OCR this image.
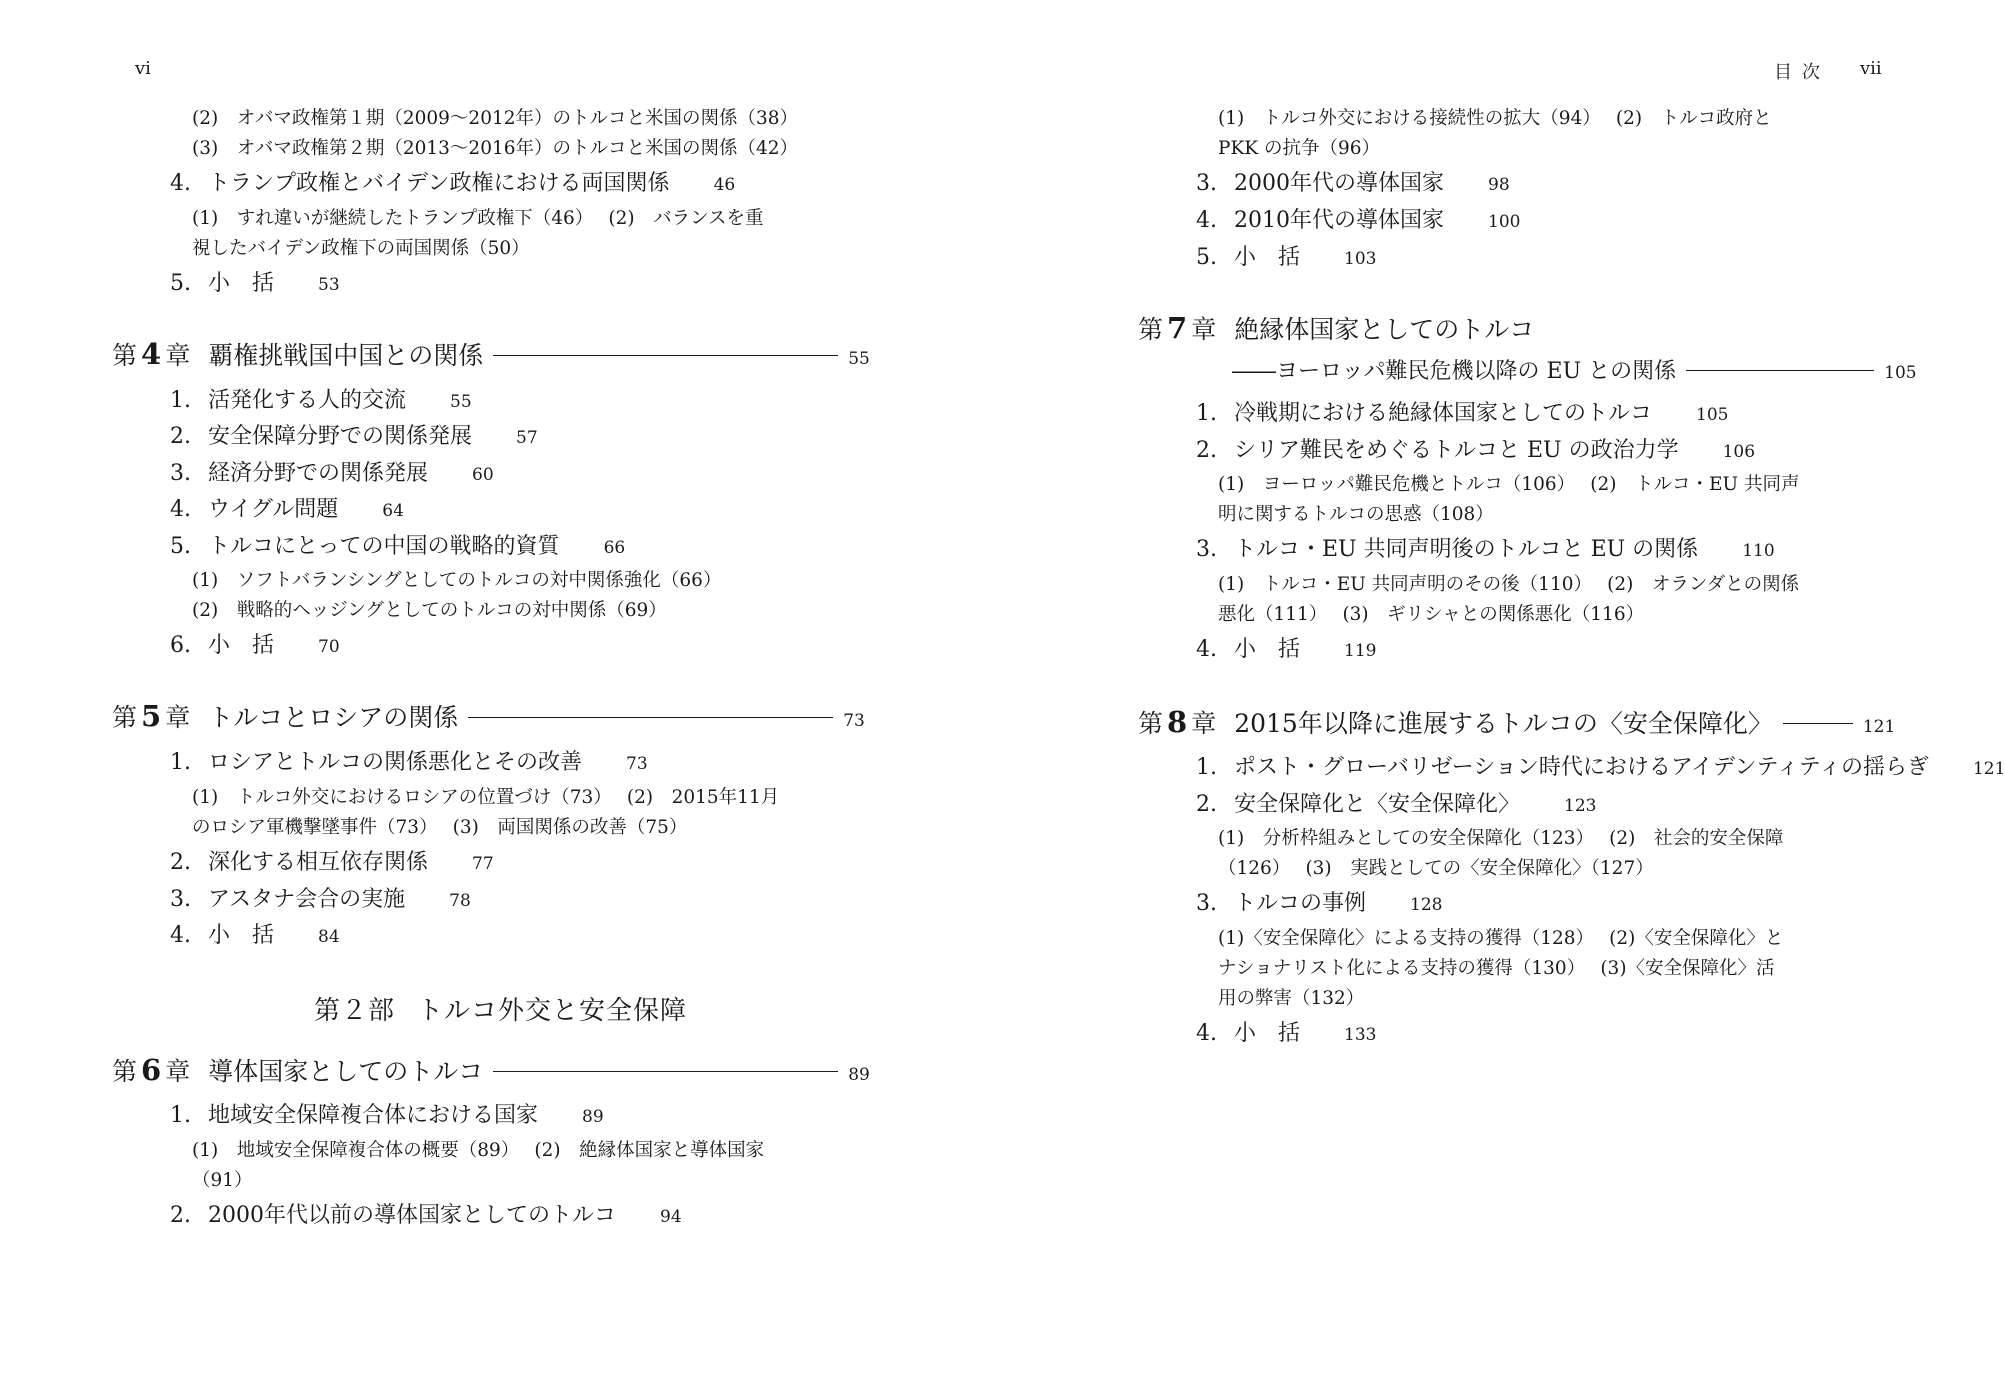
vi
(2)　オバマ政権第１期（2009～2012年）のトルコと米国の関係（38）
(3)　オバマ政権第２期（2013～2016年）のトルコと米国の関係（42）
4. トランプ政権とバイデン政権における両国関係	46
(1)　すれ違いが継続したトランプ政権下（46）　 (2)　バランスを重
視したバイデン政権下の両国関係（50）
5. 小　括	53
第 4 章 覇権挑戦国中国との関係	55
1. 活発化する人的交流	55
2. 安全保障分野での関係発展	57
3. 経済分野での関係発展	60
4. ウイグル問題	64
5. トルコにとっての中国の戦略的資質	66
(1)　ソフトバランシングとしてのトルコの対中関係強化（66）
(2)　戦略的ヘッジングとしてのトルコの対中関係（69）
6. 小　括	70
第 5 章 トルコとロシアの関係	73
1. ロシアとトルコの関係悪化とその改善	73
(1)　トルコ外交におけるロシアの位置づけ（73）　 (2)　2015年11月
のロシア軍機撃墜事件（73）　 (3)　両国関係の改善（75）
2. 深化する相互依存関係	77
3. アスタナ会合の実施	78
4. 小　括	84
第２部 トルコ外交と安全保障
第 6 章 導体国家としてのトルコ	89
1. 地域安全保障複合体における国家	89
(1)　地域安全保障複合体の概要（89）　 (2)　絶縁体国家と導体国家
（91）
2. 2000年代以前の導体国家としてのトルコ	94
目次 vii
(1)　トルコ外交における接続性の拡大（94）　 (2)　トルコ政府と
PKK の抗争（96）
3. 2000年代の導体国家	98
4. 2010年代の導体国家	100
5. 小　括	103
第 7 章 絶縁体国家としてのトルコ
――ヨーロッパ難民危機以降の EU との関係	105
1. 冷戦期における絶縁体国家としてのトルコ	105
2. シリア難民をめぐるトルコと EU の政治力学	106
(1)　ヨーロッパ難民危機とトルコ（106）　 (2)　トルコ・EU 共同声
明に関するトルコの思惑（108）
3. トルコ・EU 共同声明後のトルコと EU の関係	110
(1)　トルコ・EU 共同声明のその後（110）　 (2)　オランダとの関係
悪化（111）　 (3)　ギリシャとの関係悪化（116）
4. 小　括	119
第 8 章 2015年以降に進展するトルコの〈安全保障化〉	121
1. ポスト・グローバリゼーション時代におけるアイデンティティの揺らぎ	121
2. 安全保障化と〈安全保障化〉	123
(1)　分析枠組みとしての安全保障化（123）　 (2)　社会的安全保障
（126）　 (3)　実践としての〈安全保障化〉（127）
3. トルコの事例	128
(1)〈安全保障化〉による支持の獲得（128）　 (2)〈安全保障化〉と
ナショナリスト化による支持の獲得（130）　 (3)〈安全保障化〉活
用の弊害（132）
4. 小　括	133
